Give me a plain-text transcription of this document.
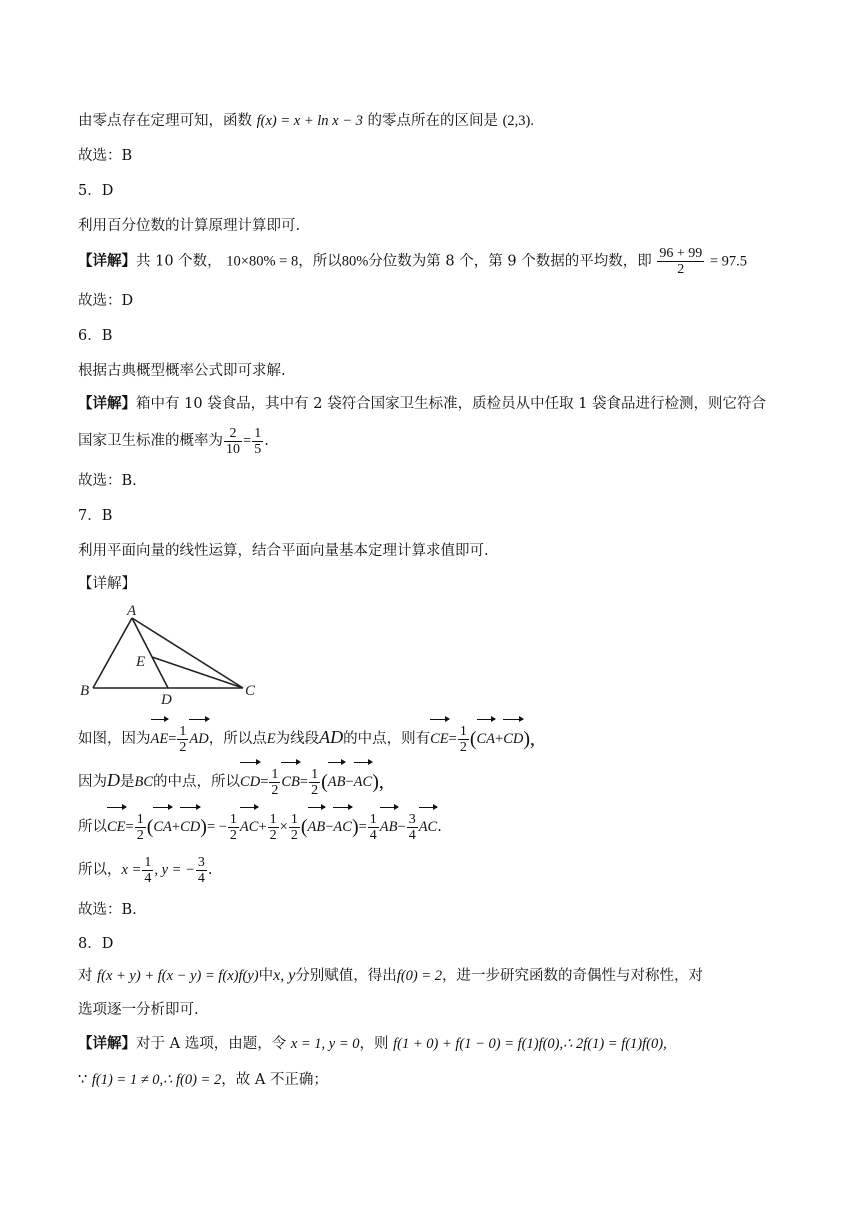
由零点存在定理可知，函数 f(x) = x + ln x − 3 的零点所在的区间是 (2,3).
故选：B
5．D
利用百分位数的计算原理计算即可.
【详解】共 10 个数， 10×80% = 8，所以80%分位数为第 8 个，第 9 个数据的平均数，即 $\frac{96 + 99}{2} = 97.5$
故选：D
6．B
根据古典概型概率公式即可求解.
【详解】箱中有 10 袋食品，其中有 2 袋符合国家卫生标准，质检员从中任取 1 袋食品进行检测，则它符合
国家卫生标准的概率为 $\frac{2}{10} = \frac{1}{5}$ .
故选：B.
7．B
利用平面向量的线性运算，结合平面向量基本定理计算求值即可.
【详解】
A
B	C
D
E
如图，因为$AE= \frac{1}{2}$ AD，所以点E为线段AD的中点，则有$CE= \frac{1}{2} (CA+CD)$,
因为D是BC的中点，所以$CD= \frac{1}{2} CB= \frac{1}{2} (AB-AC)$,
所以$CE= \frac{1}{2} (CA+CD)= - \frac{1}{2} AC+ \frac{1}{2} \times \frac{1}{2} (AB-AC)= \frac{1}{4} AB- \frac{3}{4}$ AC.
所以，$x = \frac{1}{4}$ , y = − $\frac{3}{4}$ .
故选：B.
8．D
对 f(x + y) + f(x − y) = f(x)f(y)中x, y分别赋值，得出f(0) = 2，进一步研究函数的奇偶性与对称性，对
选项逐一分析即可.
【详解】对于 A 选项，由题，令 x = 1, y = 0，则 f(1 + 0) + f(1 − 0) = f(1)f(0),∴ 2f(1) = f(1)f(0),
∵ f(1) = 1 ≠ 0,∴ f(0) = 2，故 A 不正确；
